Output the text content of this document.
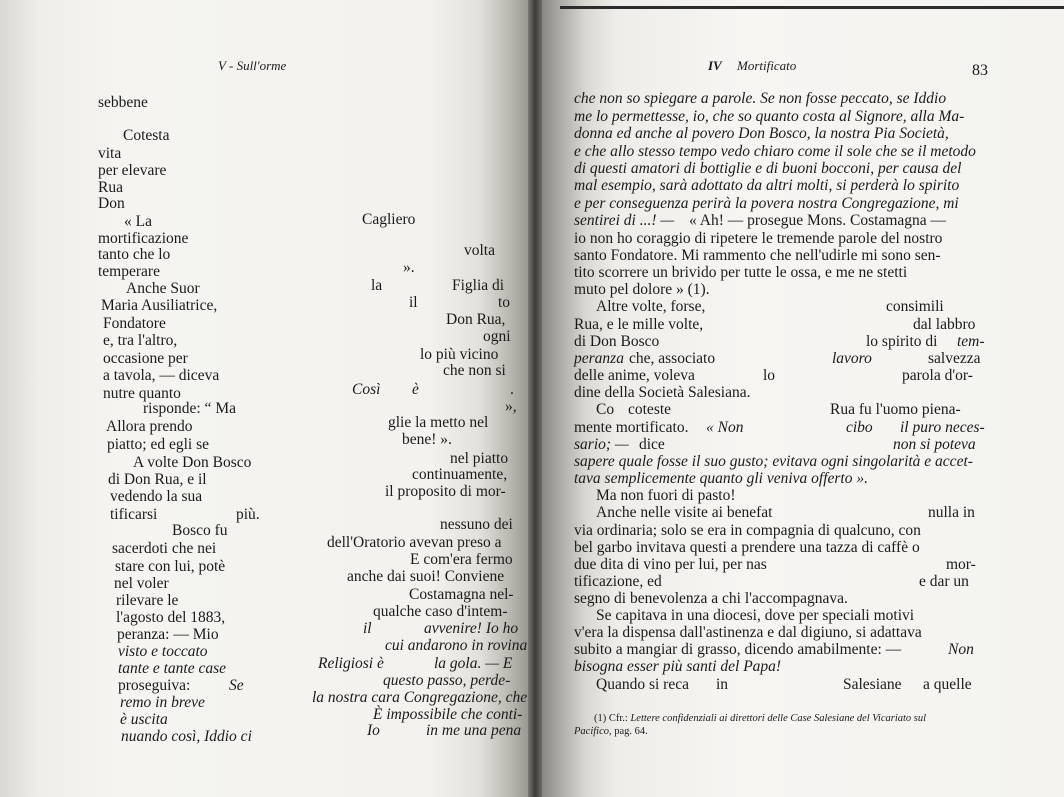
V - Sull'orme
sebbene
Cotesta
vita
per elevare
Rua
Don
« La
mortificazione
tanto che lo
temperare
Anche Suor
Maria Ausiliatrice,
Fondatore
e, tra l'altro,
occasione per
a tavola, — diceva
nutre quanto
risponde: “ Ma
Allora prendo
piatto; ed egli se
A volte Don Bosco
di Don Rua, e il
vedendo la sua
tificarsi	più.
Bosco fu
sacerdoti che nei
stare con lui, potè
nel voler
rilevare le
l'agosto del 1883,
peranza: — Mio
visto e toccato
tante e tante case
proseguiva: Se
remo in breve
è uscita
nuando così, Iddio ci
Cagliero
volta
».
la	Figlia di
il	to
Don Rua,
ogni
lo più vicino
che non si
Così è	.
»,
glie la metto nel
bene! ».
nel piatto
continuamente,
il proposito di mor-
nessuno dei
dell'Oratorio avevan preso a
E com'era fermo
anche dai suoi! Conviene
Costamagna nel-
qualche caso d'intem-
il	avvenire! Io ho
cui andarono in rovina
Religiosi è	la gola. — E
questo passo, perde-
la nostra cara Congregazione, che
È impossibile che conti-
Io	in me una pena
IV Mortificato	83
che non so spiegare a parole. Se non fosse peccato, se Iddio
me lo permettesse, io, che so quanto costa al Signore, alla Ma-
donna ed anche al povero Don Bosco, la nostra Pia Società,
e che allo stesso tempo vedo chiaro come il sole che se il metodo
di questi amatori di bottiglie e di buoni bocconi, per causa del
mal esempio, sarà adottato da altri molti, si perderà lo spirito
e per conseguenza perirà la povera nostra Congregazione, mi
sentirei di ...! — « Ah! — prosegue Mons. Costamagna —
io non ho coraggio di ripetere le tremende parole del nostro
santo Fondatore. Mi rammento che nell'udirle mi sono sen-
tito scorrere un brivido per tutte le ossa, e me ne stetti
muto pel dolore » (1).
Altre volte, forse,	consimili
Rua, e le mille volte,	dal labbro
di Don Bosco	lo spirito di tem-
peranza che, associato	lavoro	salvezza
delle anime, voleva	lo	parola d'or-
dine della Società Salesiana.
Co coteste	Rua fu l'uomo piena-
mente mortificato. « Non	cibo il puro neces-
sario; — dice	non si poteva
sapere quale fosse il suo gusto; evitava ogni singolarità e accet-
tava semplicemente quanto gli veniva offerto ».
Ma non fuori di pasto!
Anche nelle visite ai benefat	nulla in
via ordinaria; solo se era in compagnia di qualcuno, con
bel garbo invitava questi a prendere una tazza di caffè o
due dita di vino per lui, per nas	mor-
tificazione, ed	e dar un
segno di benevolenza a chi l'accompagnava.
Se capitava in una diocesi, dove per speciali motivi
v'era la dispensa dall'astinenza e dal digiuno, si adattava
subito a mangiar di grasso, dicendo amabilmente: —	Non
bisogna esser più santi del Papa!
Quando si reca in	Salesiane a quelle
(1) Cfr.: Lettere confidenziali ai direttori delle Case Salesiane del Vicariato sul
Pacifico, pag. 64.
